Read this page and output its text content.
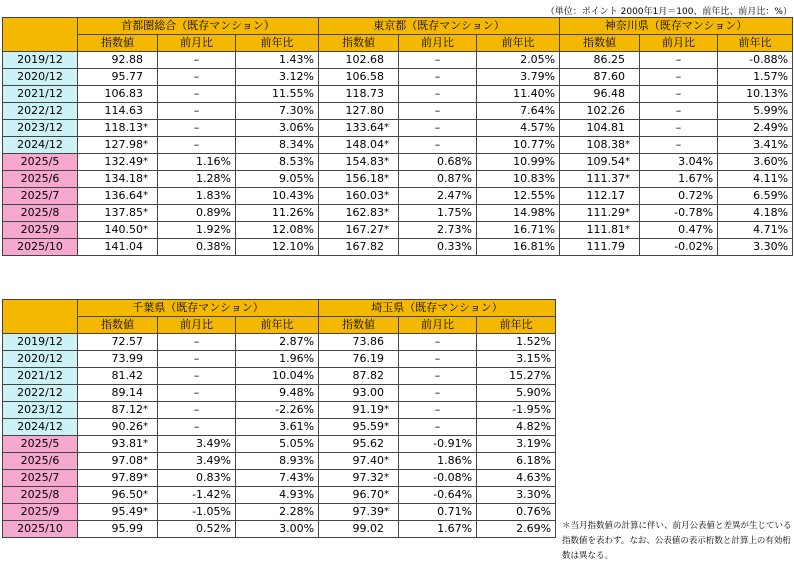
（単位：ポイント 2000年1月＝100、前年比、前月比：%）
	首都圏総合（既存マンション）			東京都（既存マンション）			神奈川県（既存マンション）		
	指数値	前月比	前年比	指数値	前月比	前年比	指数値	前月比	前年比
2019/12	92.88	–	1.43%	102.68	–	2.05%	86.25	–	-0.88%
2020/12	95.77	–	3.12%	106.58	–	3.79%	87.60	–	1.57%
2021/12	106.83	–	11.55%	118.73	–	11.40%	96.48	–	10.13%
2022/12	114.63	–	7.30%	127.80	–	7.64%	102.26	–	5.99%
2023/12	118.13*	–	3.06%	133.64*	–	4.57%	104.81	–	2.49%
2024/12	127.98*	–	8.34%	148.04*	–	10.77%	108.38*	–	3.41%
2025/5	132.49*	1.16%	8.53%	154.83*	0.68%	10.99%	109.54*	3.04%	3.60%
2025/6	134.18*	1.28%	9.05%	156.18*	0.87%	10.83%	111.37*	1.67%	4.11%
2025/7	136.64*	1.83%	10.43%	160.03*	2.47%	12.55%	112.17	0.72%	6.59%
2025/8	137.85*	0.89%	11.26%	162.83*	1.75%	14.98%	111.29*	-0.78%	4.18%
2025/9	140.50*	1.92%	12.08%	167.27*	2.73%	16.71%	111.81*	0.47%	4.71%
2025/10	141.04	0.38%	12.10%	167.82	0.33%	16.81%	111.79	-0.02%	3.30%
	千葉県（既存マンション）			埼玉県（既存マンション）		
	指数値	前月比	前年比	指数値	前月比	前年比
2019/12	72.57	–	2.87%	73.86	–	1.52%
2020/12	73.99	–	1.96%	76.19	–	3.15%
2021/12	81.42	–	10.04%	87.82	–	15.27%
2022/12	89.14	–	9.48%	93.00	–	5.90%
2023/12	87.12*	–	-2.26%	91.19*	–	-1.95%
2024/12	90.26*	–	3.61%	95.59*	–	4.82%
2025/5	93.81*	3.49%	5.05%	95.62	-0.91%	3.19%
2025/6	97.08*	3.49%	8.93%	97.40*	1.86%	6.18%
2025/7	97.89*	0.83%	7.43%	97.32*	-0.08%	4.63%
2025/8	96.50*	-1.42%	4.93%	96.70*	-0.64%	3.30%
2025/9	95.49*	-1.05%	2.28%	97.39*	0.71%	0.76%
2025/10	95.99	0.52%	3.00%	99.02	1.67%	2.69% ＊当月指数値の計算に伴い、前月公表値と差異が生じている指数値を表わす。なお、公表値の表示桁数と計算上の有効桁数は異なる。
